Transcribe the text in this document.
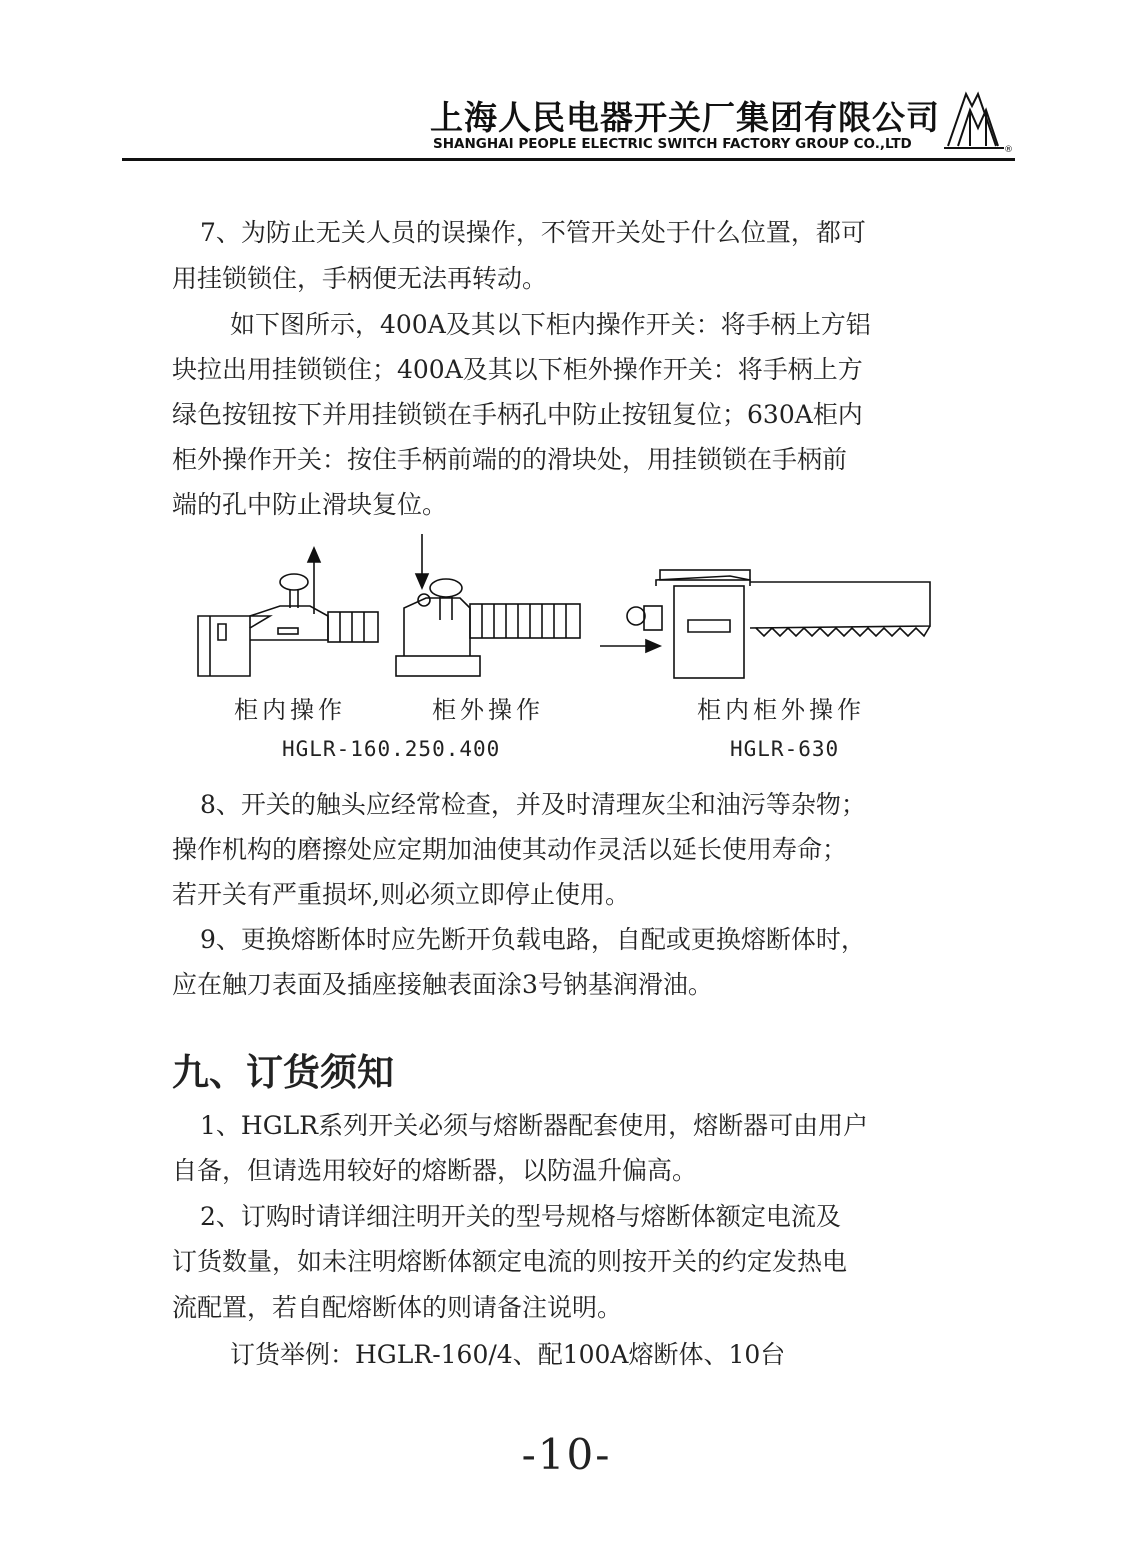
上海人民电器开关厂集团有限公司
SHANGHAI PEOPLE ELECTRIC SWITCH FACTORY GROUP CO.,LTD	®

7、为防止无关人员的误操作，不管开关处于什么位置，都可

用挂锁锁住，手柄便无法再转动。

如下图所示，400A及其以下柜内操作开关：将手柄上方铝

块拉出用挂锁锁住；400A及其以下柜外操作开关：将手柄上方

绿色按钮按下并用挂锁锁在手柄孔中防止按钮复位；630A柜内

柜外操作开关：按住手柄前端的的滑块处，用挂锁锁在手柄前

端的孔中防止滑块复位。

柜内操作	柜外操作	柜内柜外操作
HGLR-160.250.400	HGLR-630

8、开关的触头应经常检查，并及时清理灰尘和油污等杂物；

操作机构的磨擦处应定期加油使其动作灵活以延长使用寿命；

若开关有严重损坏,则必须立即停止使用。

9、更换熔断体时应先断开负载电路，自配或更换熔断体时，

应在触刀表面及插座接触表面涂3号钠基润滑油。

九、订货须知

1、HGLR系列开关必须与熔断器配套使用，熔断器可由用户

自备，但请选用较好的熔断器，以防温升偏高。

2、订购时请详细注明开关的型号规格与熔断体额定电流及

订货数量，如未注明熔断体额定电流的则按开关的约定发热电

流配置，若自配熔断体的则请备注说明。

订货举例：HGLR-160/4、配100A熔断体、10台

-10-
